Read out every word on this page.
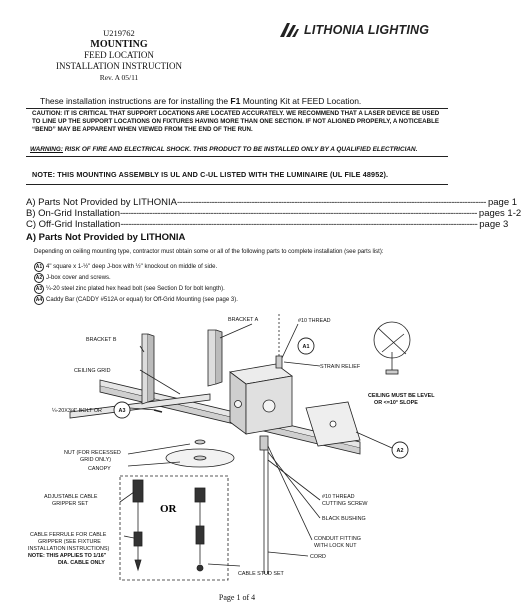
U219762
MOUNTING
FEED LOCATION
INSTALLATION INSTRUCTION
Rev. A 05/11
LITHONIA LIGHTING
These installation instructions are for installing the F1 Mounting Kit at FEED Location.
CAUTION: IT IS CRITICAL THAT SUPPORT LOCATIONS ARE LOCATED ACCURATELY. WE RECOMMEND THAT A LASER DEVICE BE USED TO LINE UP THE SUPPORT LOCATIONS ON FIXTURES HAVING MORE THAN ONE SECTION. IF NOT ALIGNED PROPERLY, A NOTICEABLE “BEND” MAY BE APPARENT WHEN VIEWED FROM THE END OF THE RUN.
WARNING: RISK OF FIRE AND ELECTRICAL SHOCK. THIS PRODUCT TO BE INSTALLED ONLY BY A QUALIFIED ELECTRICIAN.
NOTE: THIS MOUNTING ASSEMBLY IS UL AND C-UL LISTED WITH THE LUMINAIRE (UL FILE 48952).
A) Parts Not Provided by LITHONIA -------------------------------------------------------------------------------------------------------------------- page 1
B) On-Grid Installation -------------------------------------------------------------------------------------------------------------------------------------- pages 1-2
C) Off-Grid Installation -------------------------------------------------------------------------------------------------------------------------------------- page 3
A) Parts Not Provided by LITHONIA
Depending on ceiling mounting type, contractor must obtain some or all of the following parts to complete installation (see parts list):
A1 4" square x 1-½" deep J-box with ½" knockout on middle of side.
A2 J-box cover and screws.
A3 ¼-20 steel zinc plated hex head bolt (see Section D for bolt length).
A4 Caddy Bar (CADDY #512A or equal) for Off-Grid Mounting (see page 3).
A1
A2
A3
BRACKET A	#10 THREAD
BRACKET B
CEILING GRID
STRAIN RELIEF
¼-20X3/4" BOLT OR
CEILING MUST BE LEVEL
OR <=10° SLOPE
NUT (FOR RECESSED
GRID ONLY)
CANOPY
ADJUSTABLE CABLE
GRIPPER SET	OR
#10 THREAD
CUTTING SCREW
BLACK BUSHING
CABLE FERRULE FOR CABLE
GRIPPER (SEE FIXTURE
INSTALLATION INSTRUCTIONS)
NOTE: THIS APPLIES TO 1/16"
DIA. CABLE ONLY
CONDUIT FITTING
WITH LOCK NUT
CORD
CABLE STUD SET
Page 1 of 4
